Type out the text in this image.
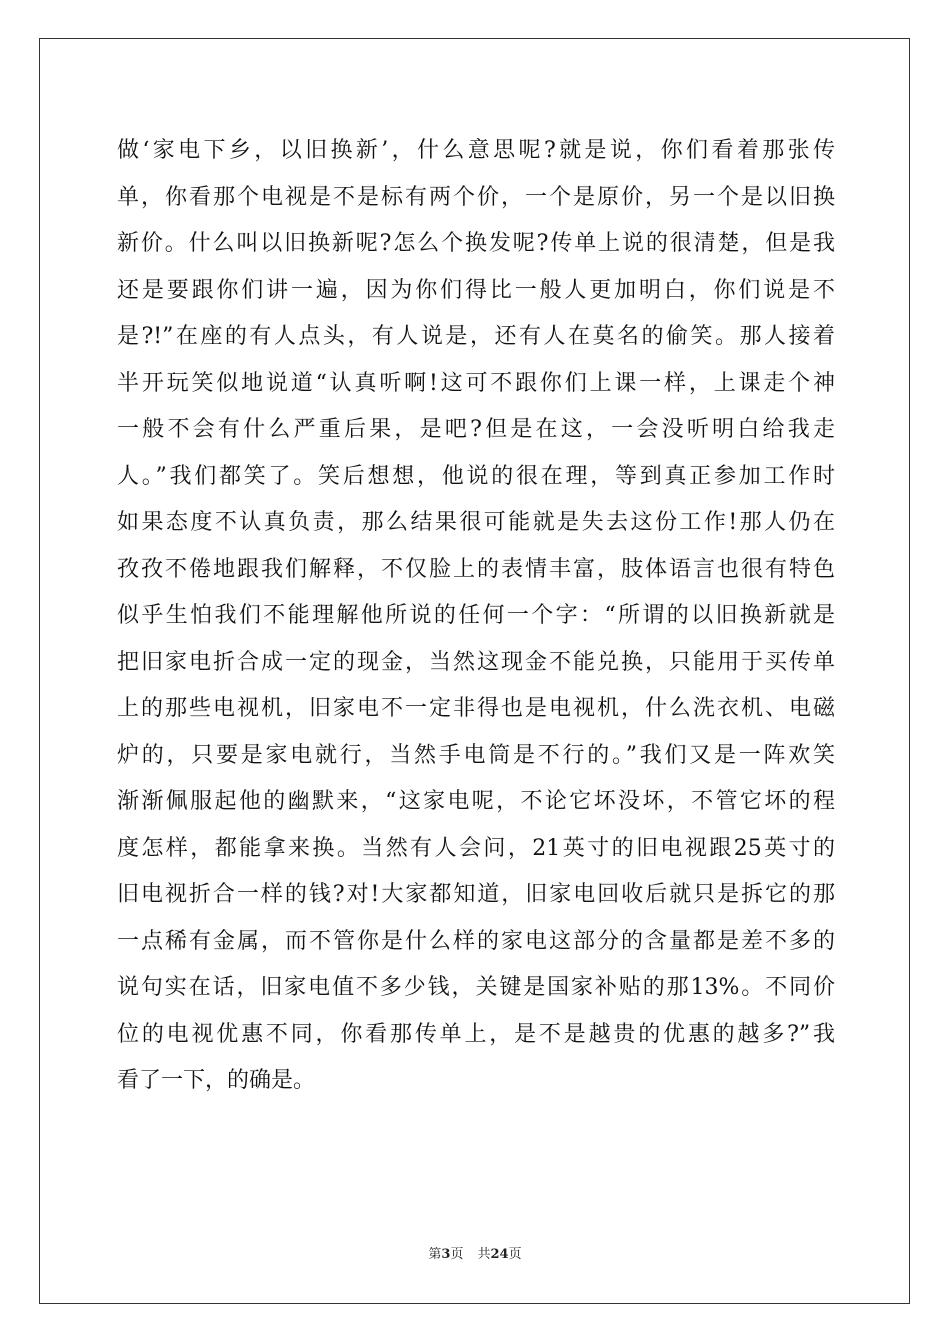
做‘家电下乡，以旧换新’，什么意思呢?就是说，你们看着那张传
单，你看那个电视是不是标有两个价，一个是原价，另一个是以旧换
新价。什么叫以旧换新呢?怎么个换发呢?传单上说的很清楚，但是我
还是要跟你们讲一遍，因为你们得比一般人更加明白，你们说是不
是?!”在座的有人点头，有人说是，还有人在莫名的偷笑。那人接着
半开玩笑似地说道“认真听啊!这可不跟你们上课一样，上课走个神
一般不会有什么严重后果，是吧?但是在这，一会没听明白给我走
人。”我们都笑了。笑后想想，他说的很在理，等到真正参加工作时
如果态度不认真负责，那么结果很可能就是失去这份工作!那人仍在
孜孜不倦地跟我们解释，不仅脸上的表情丰富，肢体语言也很有特色
似乎生怕我们不能理解他所说的任何一个字：“所谓的以旧换新就是
把旧家电折合成一定的现金，当然这现金不能兑换，只能用于买传单
上的那些电视机，旧家电不一定非得也是电视机，什么洗衣机、电磁
炉的，只要是家电就行，当然手电筒是不行的。”我们又是一阵欢笑
渐渐佩服起他的幽默来，“这家电呢，不论它坏没坏，不管它坏的程
度怎样，都能拿来换。当然有人会问，21英寸的旧电视跟25英寸的
旧电视折合一样的钱?对!大家都知道，旧家电回收后就只是拆它的那
一点稀有金属，而不管你是什么样的家电这部分的含量都是差不多的
说句实在话，旧家电值不多少钱，关键是国家补贴的那13%。不同价
位的电视优惠不同，你看那传单上，是不是越贵的优惠的越多?”我
看了一下，的确是。
第3页 共24页
